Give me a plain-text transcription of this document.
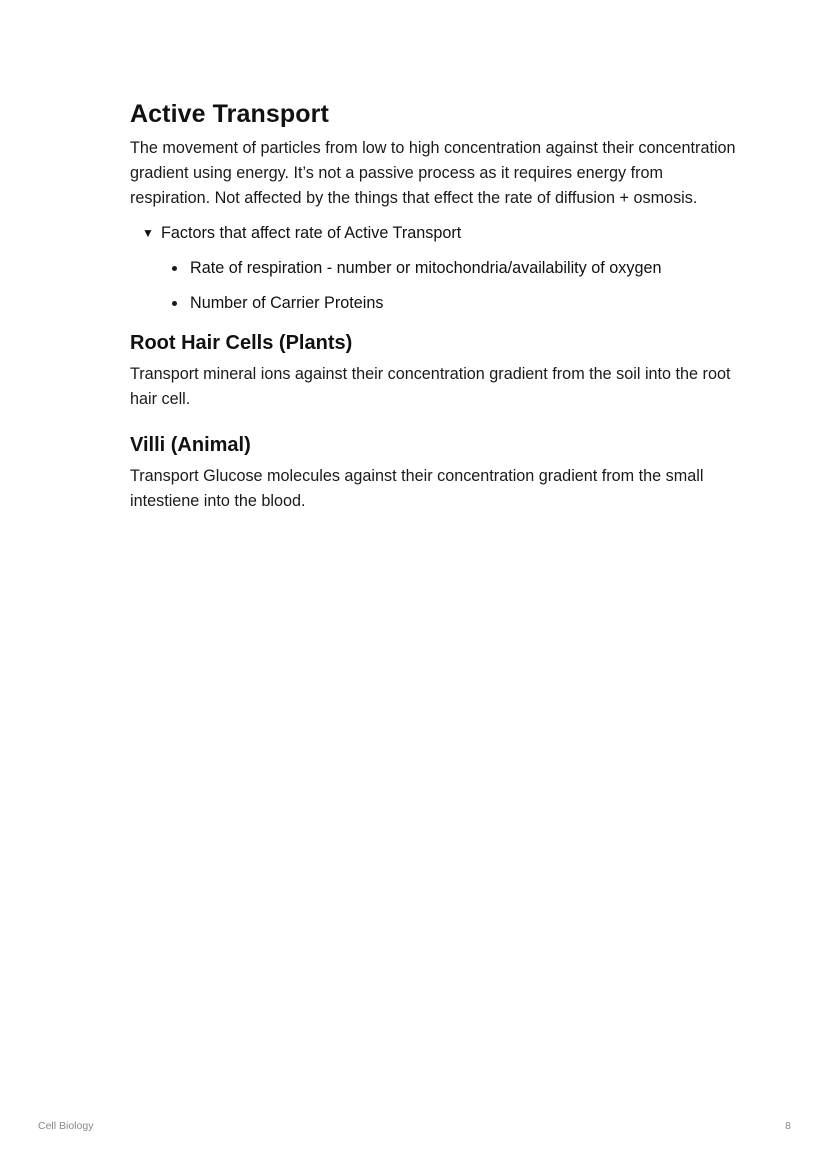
Active Transport

The movement of particles from low to high concentration against their concentration gradient using energy. It’s not a passive process as it requires energy from respiration. Not affected by the things that effect the rate of diffusion + osmosis.

▼ Factors that affect rate of Active Transport
Rate of respiration - number or mitochondria/availability of oxygen
Number of Carrier Proteins
Root Hair Cells (Plants)

Transport mineral ions against their concentration gradient from the soil into the root hair cell.

Villi (Animal)

Transport Glucose molecules against their concentration gradient from the small intestiene into the blood.

Cell Biology	8
